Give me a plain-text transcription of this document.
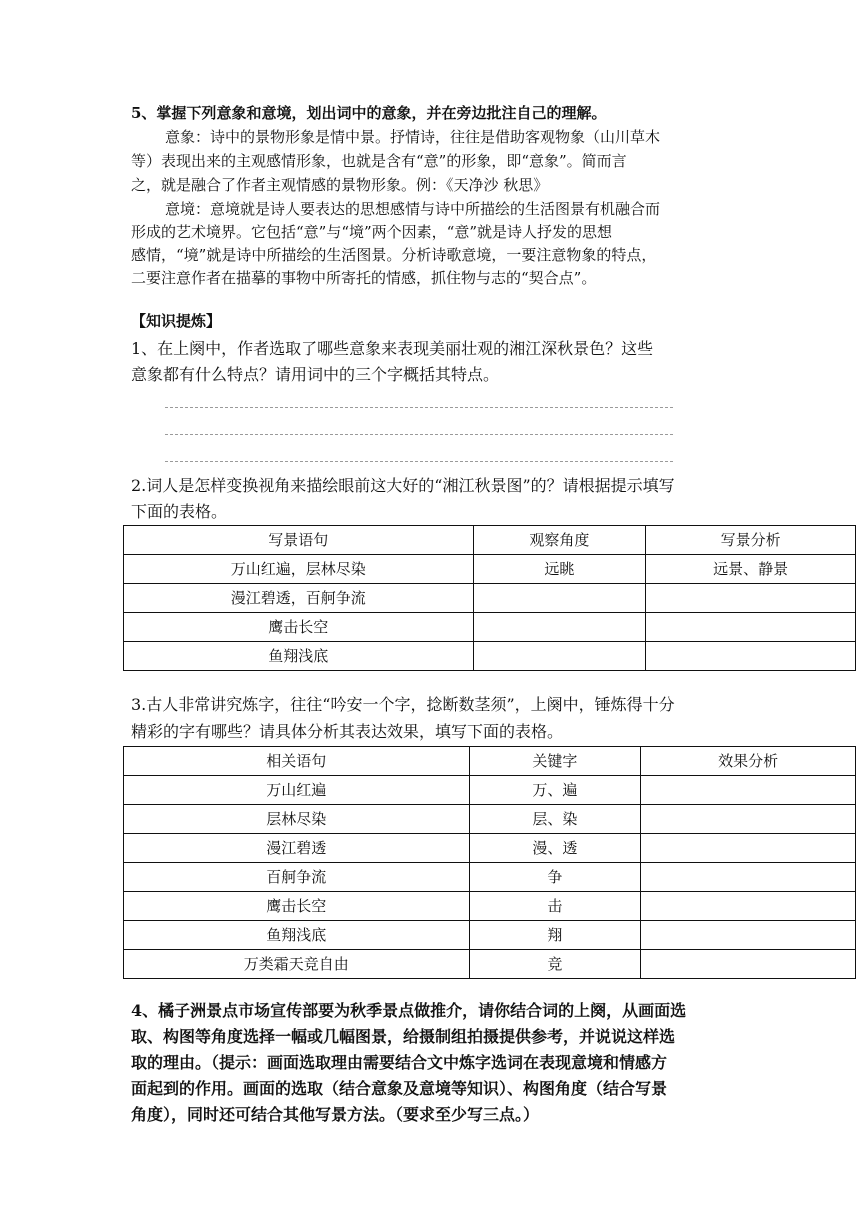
5、掌握下列意象和意境，划出词中的意象，并在旁边批注自己的理解。
意象：诗中的景物形象是情中景。抒情诗，往往是借助客观物象（山川草木
等）表现出来的主观感情形象，也就是含有“意”的形象，即“意象”。简而言
之，就是融合了作者主观情感的景物形象。例：《天净沙 秋思》
意境：意境就是诗人要表达的思想感情与诗中所描绘的生活图景有机融合而
形成的艺术境界。它包括“意”与“境”两个因素，“意”就是诗人抒发的思想
感情，“境”就是诗中所描绘的生活图景。分析诗歌意境，一要注意物象的特点，
二要注意作者在描摹的事物中所寄托的情感，抓住物与志的“契合点”。
【知识提炼】
1、在上阕中，作者选取了哪些意象来表现美丽壮观的湘江深秋景色？这些
意象都有什么特点？请用词中的三个字概括其特点。
2.词人是怎样变换视角来描绘眼前这大好的“湘江秋景图”的？请根据提示填写
下面的表格。
写景语句	观察角度	写景分析
万山红遍，层林尽染	远眺	远景、静景
漫江碧透，百舸争流		
鹰击长空		
鱼翔浅底		
3.古人非常讲究炼字，往往“吟安一个字，捻断数茎须”，上阕中，锤炼得十分
精彩的字有哪些？请具体分析其表达效果，填写下面的表格。
相关语句	关键字	效果分析
万山红遍	万、遍	
层林尽染	层、染	
漫江碧透	漫、透	
百舸争流	争	
鹰击长空	击	
鱼翔浅底	翔	
万类霜天竞自由	竞	
4、橘子洲景点市场宣传部要为秋季景点做推介，请你结合词的上阕，从画面选
取、构图等角度选择一幅或几幅图景，给摄制组拍摄提供参考，并说说这样选
取的理由。（提示：画面选取理由需要结合文中炼字选词在表现意境和情感方
面起到的作用。画面的选取（结合意象及意境等知识）、构图角度（结合写景
角度），同时还可结合其他写景方法。（要求至少写三点。）
